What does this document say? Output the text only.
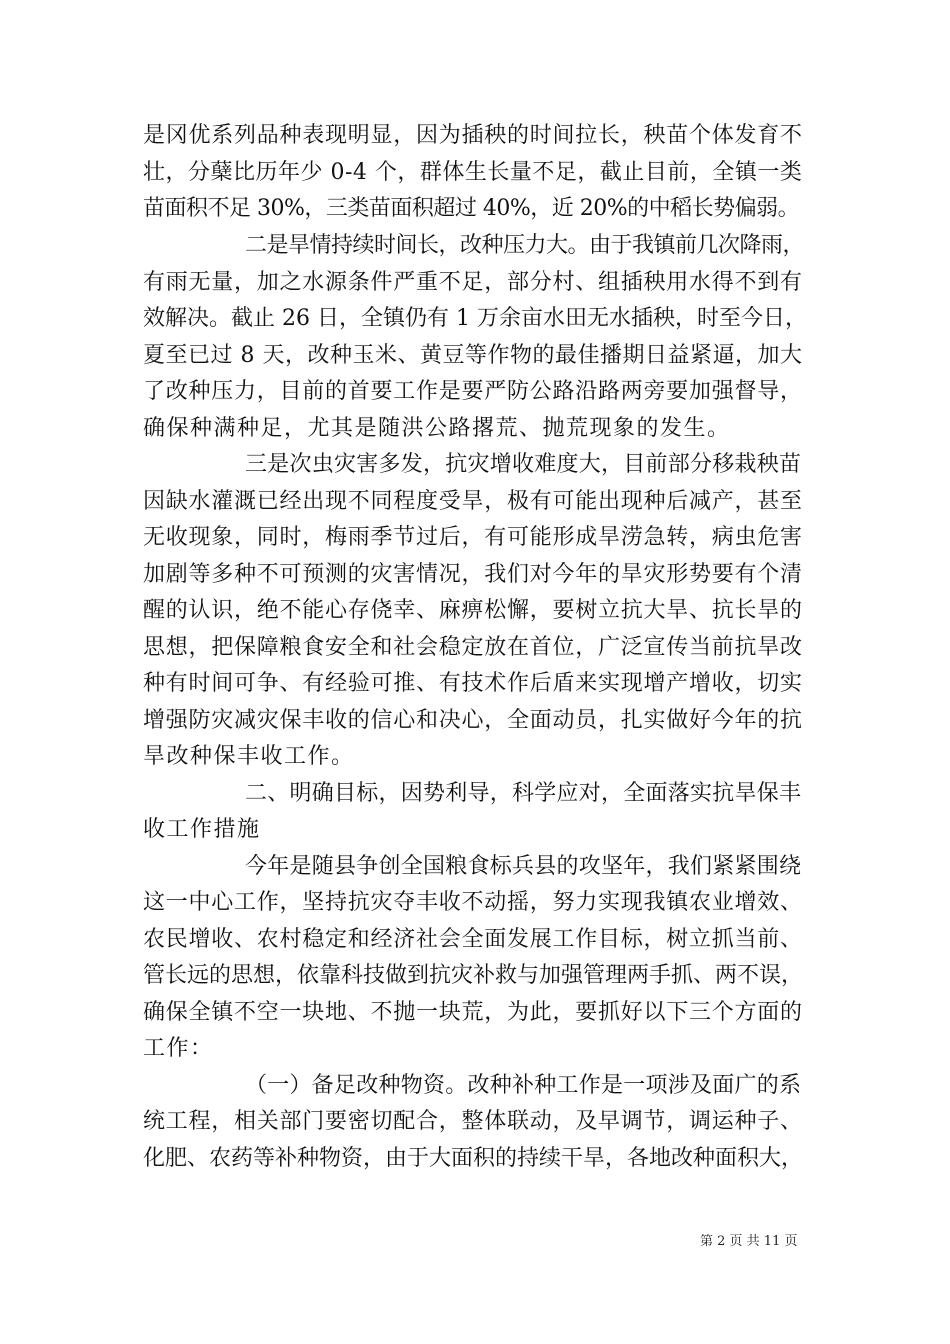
是冈优系列品种表现明显，因为插秧的时间拉长，秧苗个体发育不
壮，分蘖比历年少 0-4 个，群体生长量不足，截止目前，全镇一类
苗面积不足 30%，三类苗面积超过 40%，近 20%的中稻长势偏弱。
二是旱情持续时间长，改种压力大。由于我镇前几次降雨，
有雨无量，加之水源条件严重不足，部分村、组插秧用水得不到有
效解决。截止 26 日，全镇仍有 1 万余亩水田无水插秧，时至今日，
夏至已过 8 天，改种玉米、黄豆等作物的最佳播期日益紧逼，加大
了改种压力，目前的首要工作是要严防公路沿路两旁要加强督导，
确保种满种足，尤其是随洪公路撂荒、抛荒现象的发生。
三是次虫灾害多发，抗灾增收难度大，目前部分移栽秧苗
因缺水灌溉已经出现不同程度受旱，极有可能出现种后减产，甚至
无收现象，同时，梅雨季节过后，有可能形成旱涝急转，病虫危害
加剧等多种不可预测的灾害情况，我们对今年的旱灾形势要有个清
醒的认识，绝不能心存侥幸、麻痹松懈，要树立抗大旱、抗长旱的
思想，把保障粮食安全和社会稳定放在首位，广泛宣传当前抗旱改
种有时间可争、有经验可推、有技术作后盾来实现增产增收，切实
增强防灾减灾保丰收的信心和决心，全面动员，扎实做好今年的抗
旱改种保丰收工作。
二、明确目标，因势利导，科学应对，全面落实抗旱保丰
收工作措施
今年是随县争创全国粮食标兵县的攻坚年，我们紧紧围绕
这一中心工作，坚持抗灾夺丰收不动摇，努力实现我镇农业增效、
农民增收、农村稳定和经济社会全面发展工作目标，树立抓当前、
管长远的思想，依靠科技做到抗灾补救与加强管理两手抓、两不误，
确保全镇不空一块地、不抛一块荒，为此，要抓好以下三个方面的
工作：
（一）备足改种物资。改种补种工作是一项涉及面广的系
统工程，相关部门要密切配合，整体联动，及早调节，调运种子、
化肥、农药等补种物资，由于大面积的持续干旱，各地改种面积大，
第 2 页 共 11 页
